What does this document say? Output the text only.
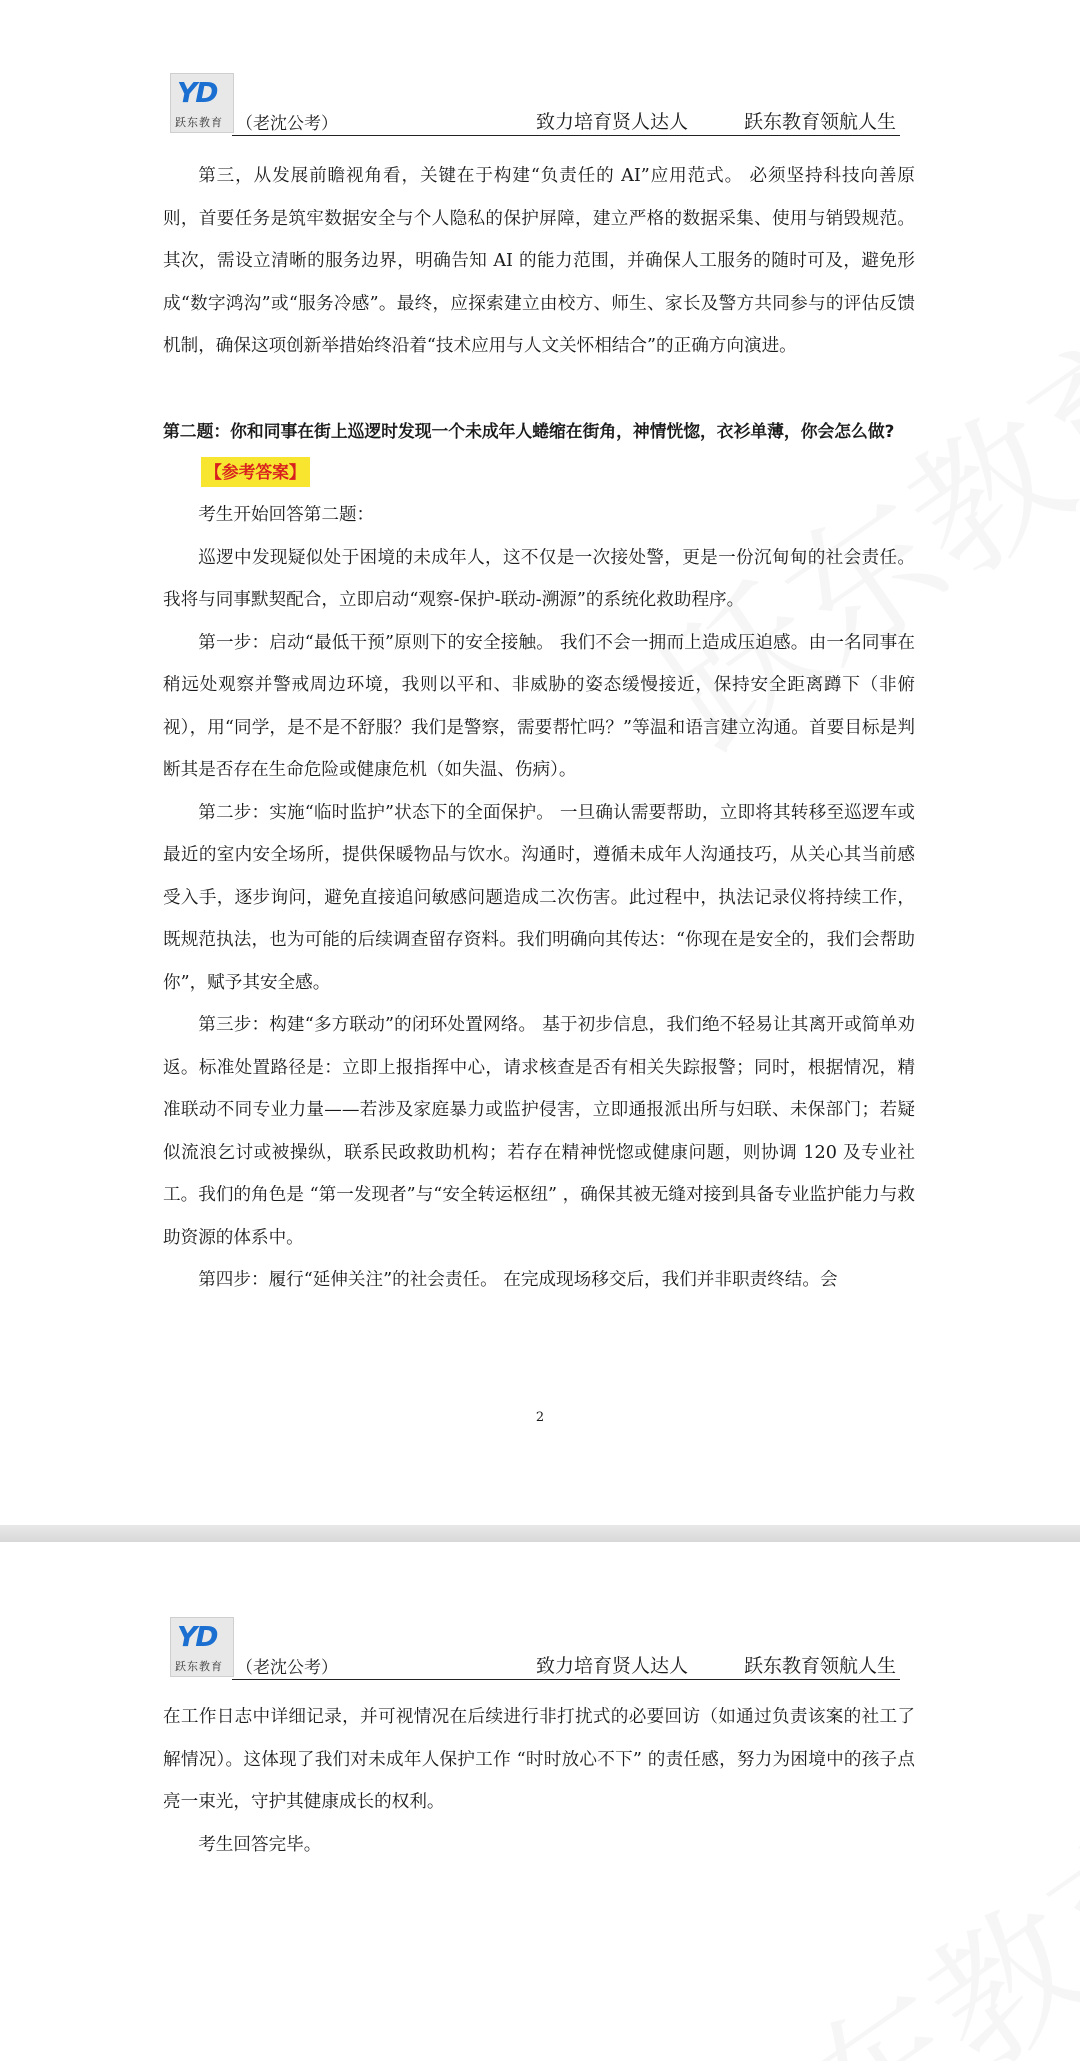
YD
跃东教育 （老沈公考）	致力培育贤人达人	跃东教育领航人生

第三，从发展前瞻视角看，关键在于构建“负责任的 AI”应用范式。 必须坚持科技向善原则，首要任务是筑牢数据安全与个人隐私的保护屏障，建立严格的数据采集、使用与销毁规范。其次，需设立清晰的服务边界，明确告知 AI 的能力范围，并确保人工服务的随时可及，避免形成“数字鸿沟”或“服务冷感”。最终，应探索建立由校方、师生、家长及警方共同参与的评估反馈机制，确保这项创新举措始终沿着“技术应用与人文关怀相结合”的正确方向演进。

第二题：你和同事在街上巡逻时发现一个未成年人蜷缩在街角，神情恍惚，衣衫单薄，你会怎么做?

【参考答案】

考生开始回答第二题：

巡逻中发现疑似处于困境的未成年人，这不仅是一次接处警，更是一份沉甸甸的社会责任。我将与同事默契配合，立即启动“观察-保护-联动-溯源”的系统化救助程序。

第一步：启动“最低干预”原则下的安全接触。 我们不会一拥而上造成压迫感。由一名同事在稍远处观察并警戒周边环境，我则以平和、非威胁的姿态缓慢接近，保持安全距离蹲下（非俯视），用“同学，是不是不舒服？我们是警察，需要帮忙吗？”等温和语言建立沟通。首要目标是判断其是否存在生命危险或健康危机（如失温、伤病）。

第二步：实施“临时监护”状态下的全面保护。 一旦确认需要帮助，立即将其转移至巡逻车或最近的室内安全场所，提供保暖物品与饮水。沟通时，遵循未成年人沟通技巧，从关心其当前感受入手，逐步询问，避免直接追问敏感问题造成二次伤害。此过程中，执法记录仪将持续工作，既规范执法，也为可能的后续调查留存资料。我们明确向其传达：“你现在是安全的，我们会帮助你”，赋予其安全感。

第三步：构建“多方联动”的闭环处置网络。 基于初步信息，我们绝不轻易让其离开或简单劝返。标准处置路径是：立即上报指挥中心，请求核查是否有相关失踪报警；同时，根据情况，精准联动不同专业力量——若涉及家庭暴力或监护侵害，立即通报派出所与妇联、未保部门；若疑似流浪乞讨或被操纵，联系民政救助机构；若存在精神恍惚或健康问题，则协调 120 及专业社工。我们的角色是 “第一发现者”与“安全转运枢纽” ，确保其被无缝对接到具备专业监护能力与救助资源的体系中。

第四步：履行“延伸关注”的社会责任。 在完成现场移交后，我们并非职责终结。会

2
YD
跃东教育 （老沈公考）	致力培育贤人达人	跃东教育领航人生

在工作日志中详细记录，并可视情况在后续进行非打扰式的必要回访（如通过负责该案的社工了解情况）。这体现了我们对未成年人保护工作 “时时放心不下” 的责任感，努力为困境中的孩子点亮一束光，守护其健康成长的权利。

考生回答完毕。
